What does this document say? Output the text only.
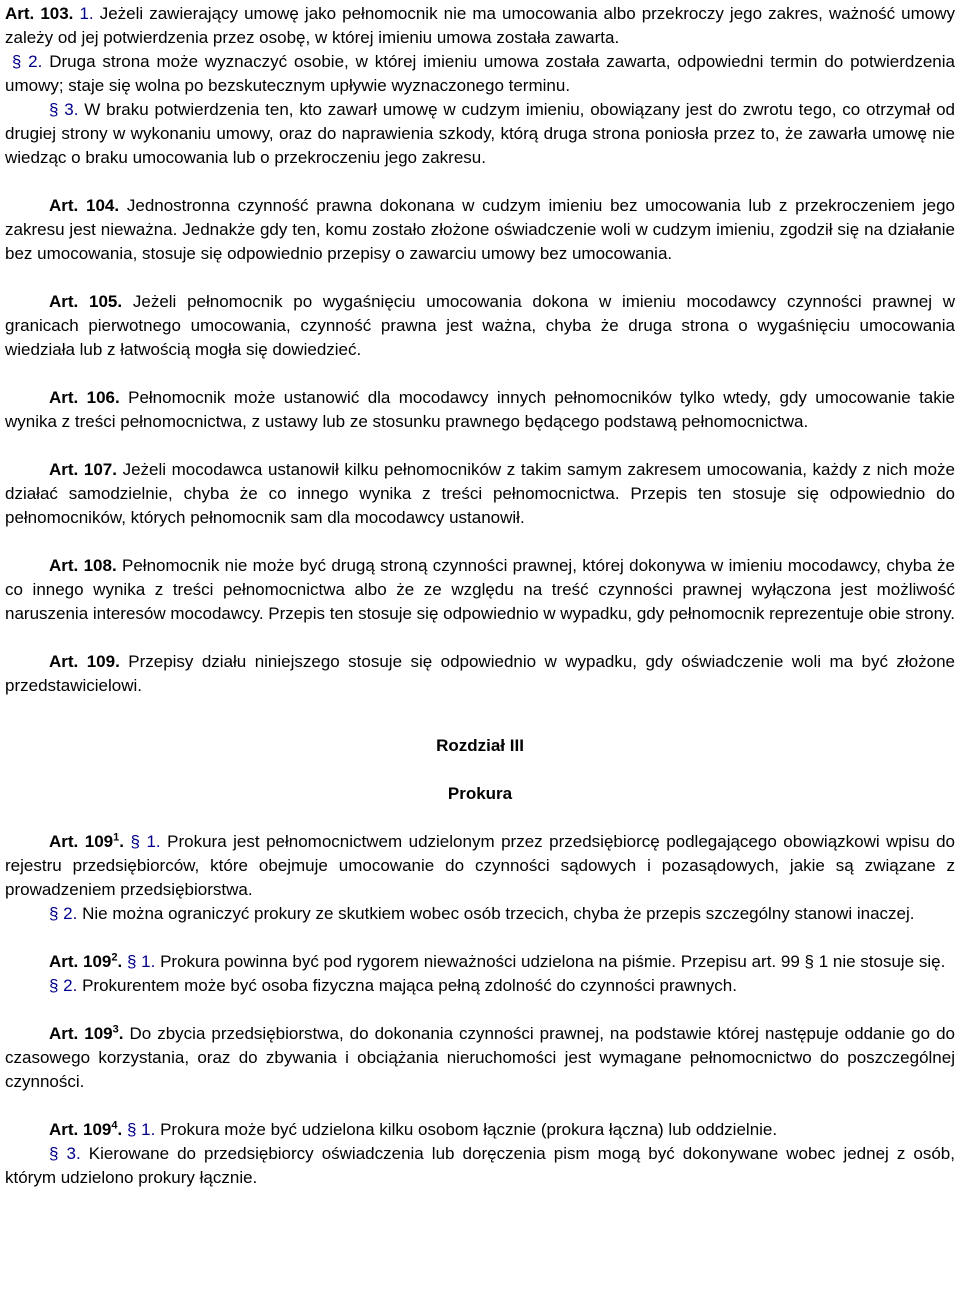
Art. 103. 1. Jeżeli zawierający umowę jako pełnomocnik nie ma umocowania albo przekroczy jego zakres, ważność umowy zależy od jej potwierdzenia przez osobę, w której imieniu umowa została zawarta.

§ 2. Druga strona może wyznaczyć osobie, w której imieniu umowa została zawarta, odpowiedni termin do potwierdzenia umowy; staje się wolna po bezskutecznym upływie wyznaczonego terminu.

§ 3. W braku potwierdzenia ten, kto zawarł umowę w cudzym imieniu, obowiązany jest do zwrotu tego, co otrzymał od drugiej strony w wykonaniu umowy, oraz do naprawienia szkody, którą druga strona poniosła przez to, że zawarła umowę nie wiedząc o braku umocowania lub o przekroczeniu jego zakresu.

Art. 104. Jednostronna czynność prawna dokonana w cudzym imieniu bez umocowania lub z przekroczeniem jego zakresu jest nieważna. Jednakże gdy ten, komu zostało złożone oświadczenie woli w cudzym imieniu, zgodził się na działanie bez umocowania, stosuje się odpowiednio przepisy o zawarciu umowy bez umocowania.

Art. 105. Jeżeli pełnomocnik po wygaśnięciu umocowania dokona w imieniu mocodawcy czynności prawnej w granicach pierwotnego umocowania, czynność prawna jest ważna, chyba że druga strona o wygaśnięciu umocowania wiedziała lub z łatwością mogła się dowiedzieć.

Art. 106. Pełnomocnik może ustanowić dla mocodawcy innych pełnomocników tylko wtedy, gdy umocowanie takie wynika z treści pełnomocnictwa, z ustawy lub ze stosunku prawnego będącego podstawą pełnomocnictwa.

Art. 107. Jeżeli mocodawca ustanowił kilku pełnomocników z takim samym zakresem umocowania, każdy z nich może działać samodzielnie, chyba że co innego wynika z treści pełnomocnictwa. Przepis ten stosuje się odpowiednio do pełnomocników, których pełnomocnik sam dla mocodawcy ustanowił.

Art. 108. Pełnomocnik nie może być drugą stroną czynności prawnej, której dokonywa w imieniu mocodawcy, chyba że co innego wynika z treści pełnomocnictwa albo że ze względu na treść czynności prawnej wyłączona jest możliwość naruszenia interesów mocodawcy. Przepis ten stosuje się odpowiednio w wypadku, gdy pełnomocnik reprezentuje obie strony.

Art. 109. Przepisy działu niniejszego stosuje się odpowiednio w wypadku, gdy oświadczenie woli ma być złożone przedstawicielowi.

Rozdział III

Prokura

Art. $109^1$. § 1. Prokura jest pełnomocnictwem udzielonym przez przedsiębiorcę podlegającego obowiązkowi wpisu do rejestru przedsiębiorców, które obejmuje umocowanie do czynności sądowych i pozasądowych, jakie są związane z prowadzeniem przedsiębiorstwa.

§ 2. Nie można ograniczyć prokury ze skutkiem wobec osób trzecich, chyba że przepis szczególny stanowi inaczej.

Art. $109^2$. § 1. Prokura powinna być pod rygorem nieważności udzielona na piśmie. Przepisu art. 99 § 1 nie stosuje się.

§ 2. Prokurentem może być osoba fizyczna mająca pełną zdolność do czynności prawnych.

Art. $109^3$. Do zbycia przedsiębiorstwa, do dokonania czynności prawnej, na podstawie której następuje oddanie go do czasowego korzystania, oraz do zbywania i obciążania nieruchomości jest wymagane pełnomocnictwo do poszczególnej czynności.

Art. $109^4$. § 1. Prokura może być udzielona kilku osobom łącznie (prokura łączna) lub oddzielnie.

§ 3. Kierowane do przedsiębiorcy oświadczenia lub doręczenia pism mogą być dokonywane wobec jednej z osób, którym udzielono prokury łącznie.
